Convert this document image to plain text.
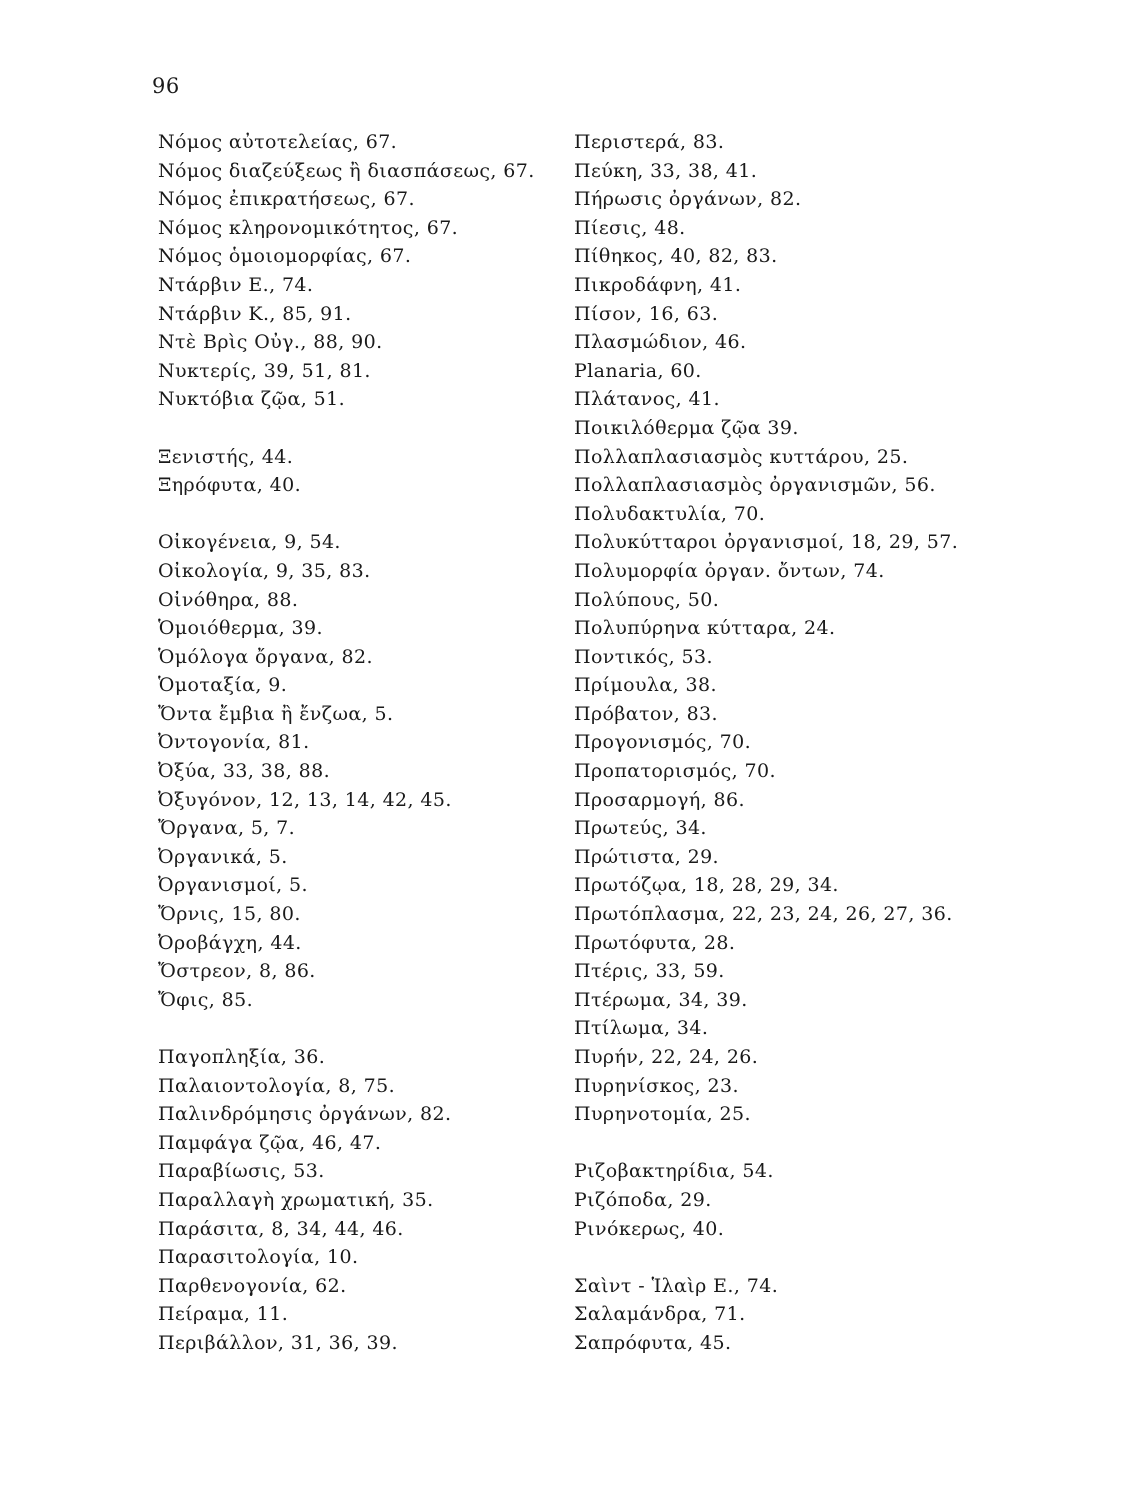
96
Νόμος αὐτοτελείας, 67.
Νόμος διαζεύξεως ἢ διασπάσεως, 67.
Νόμος ἐπικρατήσεως, 67.
Νόμος κληρονομικότητος, 67.
Νόμος ὁμοιομορφίας, 67.
Ντάρβιν Ε., 74.
Ντάρβιν Κ., 85, 91.
Ντὲ Βρὶς Οὐγ., 88, 90.
Νυκτερίς, 39, 51, 81.
Νυκτόβια ζῷα, 51.
Ξενιστής, 44.
Ξηρόφυτα, 40.
Οἰκογένεια, 9, 54.
Οἰκολογία, 9, 35, 83.
Οἰνόθηρα, 88.
Ὁμοιόθερμα, 39.
Ὁμόλογα ὄργανα, 82.
Ὁμοταξία, 9.
Ὄντα ἔμβια ἢ ἔνζωα, 5.
Ὀντογονία, 81.
Ὀξύα, 33, 38, 88.
Ὀξυγόνον, 12, 13, 14, 42, 45.
Ὄργανα, 5, 7.
Ὀργανικά, 5.
Ὀργανισμοί, 5.
Ὄρνις, 15, 80.
Ὀροβάγχη, 44.
Ὄστρεον, 8, 86.
Ὄφις, 85.
Παγοπληξία, 36.
Παλαιοντολογία, 8, 75.
Παλινδρόμησις ὀργάνων, 82.
Παμφάγα ζῷα, 46, 47.
Παραβίωσις, 53.
Παραλλαγὴ χρωματική, 35.
Παράσιτα, 8, 34, 44, 46.
Παρασιτολογία, 10.
Παρθενογονία, 62.
Πείραμα, 11.
Περιβάλλον, 31, 36, 39.
Περιστερά, 83.
Πεύκη, 33, 38, 41.
Πήρωσις ὀργάνων, 82.
Πίεσις, 48.
Πίθηκος, 40, 82, 83.
Πικροδάφνη, 41.
Πίσον, 16, 63.
Πλασμώδιον, 46.
Planaria, 60.
Πλάτανος, 41.
Ποικιλόθερμα ζῷα 39.
Πολλαπλασιασμὸς κυττάρου, 25.
Πολλαπλασιασμὸς ὀργανισμῶν, 56.
Πολυδακτυλία, 70.
Πολυκύτταροι ὀργανισμοί, 18, 29, 57.
Πολυμορφία ὀργαν. ὄντων, 74.
Πολύπους, 50.
Πολυπύρηνα κύτταρα, 24.
Ποντικός, 53.
Πρίμουλα, 38.
Πρόβατον, 83.
Προγονισμός, 70.
Προπατορισμός, 70.
Προσαρμογή, 86.
Πρωτεύς, 34.
Πρώτιστα, 29.
Πρωτόζῳα, 18, 28, 29, 34.
Πρωτόπλασμα, 22, 23, 24, 26, 27, 36.
Πρωτόφυτα, 28.
Πτέρις, 33, 59.
Πτέρωμα, 34, 39.
Πτίλωμα, 34.
Πυρήν, 22, 24, 26.
Πυρηνίσκος, 23.
Πυρηνοτομία, 25.
Ριζοβακτηρίδια, 54.
Ριζόποδα, 29.
Ρινόκερως, 40.
Σαὶντ - Ἱλαὶρ Ε., 74.
Σαλαμάνδρα, 71.
Σαπρόφυτα, 45.
